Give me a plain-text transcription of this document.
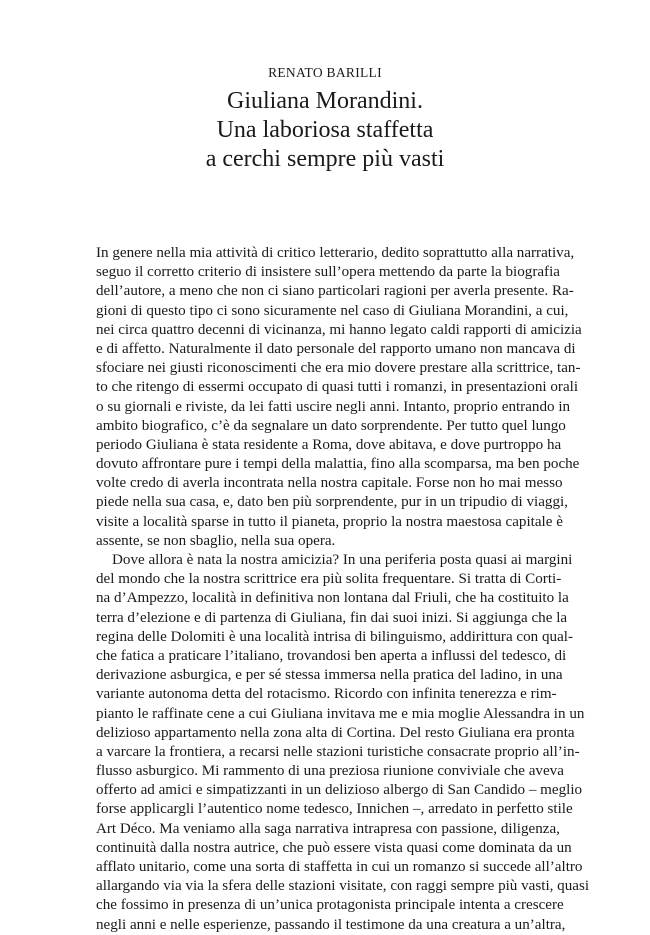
RENATO BARILLI
Giuliana Morandini.
Una laboriosa staffetta
a cerchi sempre più vasti
In genere nella mia attività di critico letterario, dedito soprattutto alla narrativa,
seguo il corretto criterio di insistere sull’opera mettendo da parte la biografia
dell’autore, a meno che non ci siano particolari ragioni per averla presente. Ra-
gioni di questo tipo ci sono sicuramente nel caso di Giuliana Morandini, a cui,
nei circa quattro decenni di vicinanza, mi hanno legato caldi rapporti di amicizia
e di affetto. Naturalmente il dato personale del rapporto umano non mancava di
sfociare nei giusti riconoscimenti che era mio dovere prestare alla scrittrice, tan-
to che ritengo di essermi occupato di quasi tutti i romanzi, in presentazioni orali
o su giornali e riviste, da lei fatti uscire negli anni. Intanto, proprio entrando in
ambito biografico, c’è da segnalare un dato sorprendente. Per tutto quel lungo
periodo Giuliana è stata residente a Roma, dove abitava, e dove purtroppo ha
dovuto affrontare pure i tempi della malattia, fino alla scomparsa, ma ben poche
volte credo di averla incontrata nella nostra capitale. Forse non ho mai messo
piede nella sua casa, e, dato ben più sorprendente, pur in un tripudio di viaggi,
visite a località sparse in tutto il pianeta, proprio la nostra maestosa capitale è
assente, se non sbaglio, nella sua opera.
Dove allora è nata la nostra amicizia? In una periferia posta quasi ai margini
del mondo che la nostra scrittrice era più solita frequentare. Si tratta di Corti-
na d’Ampezzo, località in definitiva non lontana dal Friuli, che ha costituito la
terra d’elezione e di partenza di Giuliana, fin dai suoi inizi. Si aggiunga che la
regina delle Dolomiti è una località intrisa di bilinguismo, addirittura con qual-
che fatica a praticare l’italiano, trovandosi ben aperta a influssi del tedesco, di
derivazione asburgica, e per sé stessa immersa nella pratica del ladino, in una
variante autonoma detta del rotacismo. Ricordo con infinita tenerezza e rim-
pianto le raffinate cene a cui Giuliana invitava me e mia moglie Alessandra in un
delizioso appartamento nella zona alta di Cortina. Del resto Giuliana era pronta
a varcare la frontiera, a recarsi nelle stazioni turistiche consacrate proprio all’in-
flusso asburgico. Mi rammento di una preziosa riunione conviviale che aveva
offerto ad amici e simpatizzanti in un delizioso albergo di San Candido – meglio
forse applicargli l’autentico nome tedesco, Innichen –, arredato in perfetto stile
Art Déco. Ma veniamo alla saga narrativa intrapresa con passione, diligenza,
continuità dalla nostra autrice, che può essere vista quasi come dominata da un
afflato unitario, come una sorta di staffetta in cui un romanzo si succede all’altro
allargando via via la sfera delle stazioni visitate, con raggi sempre più vasti, quasi
che fossimo in presenza di un’unica protagonista principale intenta a crescere
negli anni e nelle esperienze, passando il testimone da una creatura a un’altra,
